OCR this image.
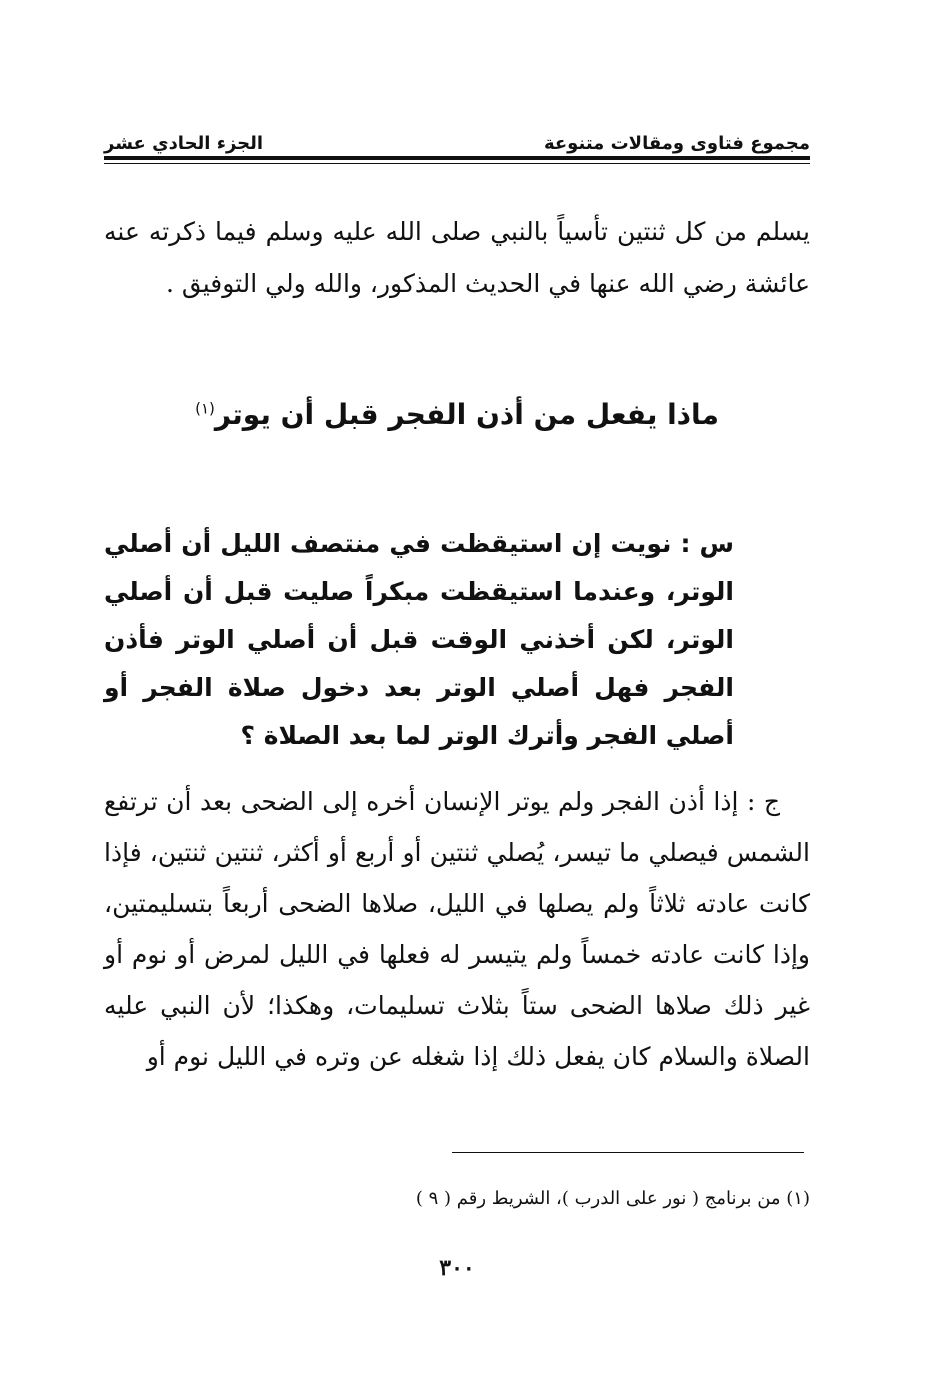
مجموع فتاوى ومقالات متنوعة
الجزء الحادي عشر
يسلم من كل ثنتين تأسياً بالنبي صلى الله عليه وسلم فيما ذكرته عنه عائشة رضي الله عنها في الحديث المذكور، والله ولي التوفيق .
ماذا يفعل من أذن الفجر قبل أن يوتر$^{(١)}$
س : نويت إن استيقظت في منتصف الليل أن أصلي الوتر، وعندما استيقظت مبكراً صليت قبل أن أصلي الوتر، لكن أخذني الوقت قبل أن أصلي الوتر فأذن الفجر فهل أصلي الوتر بعد دخول صلاة الفجر أو أصلي الفجر وأترك الوتر لما بعد الصلاة ؟
ج : إذا أذن الفجر ولم يوتر الإنسان أخره إلى الضحى بعد أن ترتفع الشمس فيصلي ما تيسر، يُصلي ثنتين أو أربع أو أكثر، ثنتين ثنتين، فإذا كانت عادته ثلاثاً ولم يصلها في الليل، صلاها الضحى أربعاً بتسليمتين، وإذا كانت عادته خمساً ولم يتيسر له فعلها في الليل لمرض أو نوم أو غير ذلك صلاها الضحى ستاً بثلاث تسليمات، وهكذا؛ لأن النبي عليه الصلاة والسلام كان يفعل ذلك إذا شغله عن وتره في الليل نوم أو
(١) من برنامج ( نور على الدرب )، الشريط رقم ( ٩ )
٣٠٠
